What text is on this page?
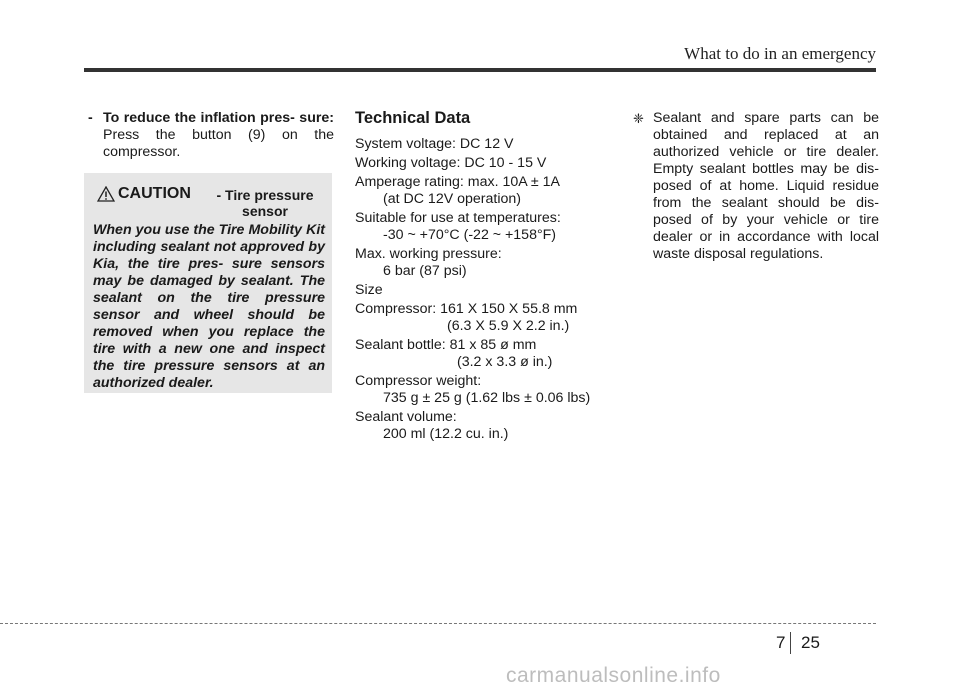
What to do in an emergency
- To reduce the inflation pres- sure: Press the button (9) on the compressor.
CAUTION	- Tire pressure sensor
When you use the Tire Mobility Kit including sealant not approved by Kia, the tire pres- sure sensors may be damaged by sealant. The sealant on the tire pressure sensor and wheel should be removed when you replace the tire with a new one and inspect the tire pressure sensors at an authorized dealer.
Technical Data
System voltage: DC 12 V
Working voltage: DC 10 - 15 V
Amperage rating: max. 10A ± 1A
(at DC 12V operation)
Suitable for use at temperatures:
-30 ~ +70°C (-22 ~ +158°F)
Max. working pressure:
6 bar (87 psi)
Size
Compressor: 161 X 150 X 55.8 mm
(6.3 X 5.9 X 2.2 in.)
Sealant bottle: 81 x 85 ø mm
(3.2 x 3.3 ø in.)
Compressor weight:
735 g ± 25 g (1.62 lbs ± 0.06 lbs)
Sealant volume:
200 ml (12.2 cu. in.)
❈ Sealant and spare parts can be obtained and replaced at an authorized vehicle or tire dealer. Empty sealant bottles may be dis- posed of at home. Liquid residue from the sealant should be dis- posed of by your vehicle or tire dealer or in accordance with local waste disposal regulations.
7 25
carmanualsonline.info
